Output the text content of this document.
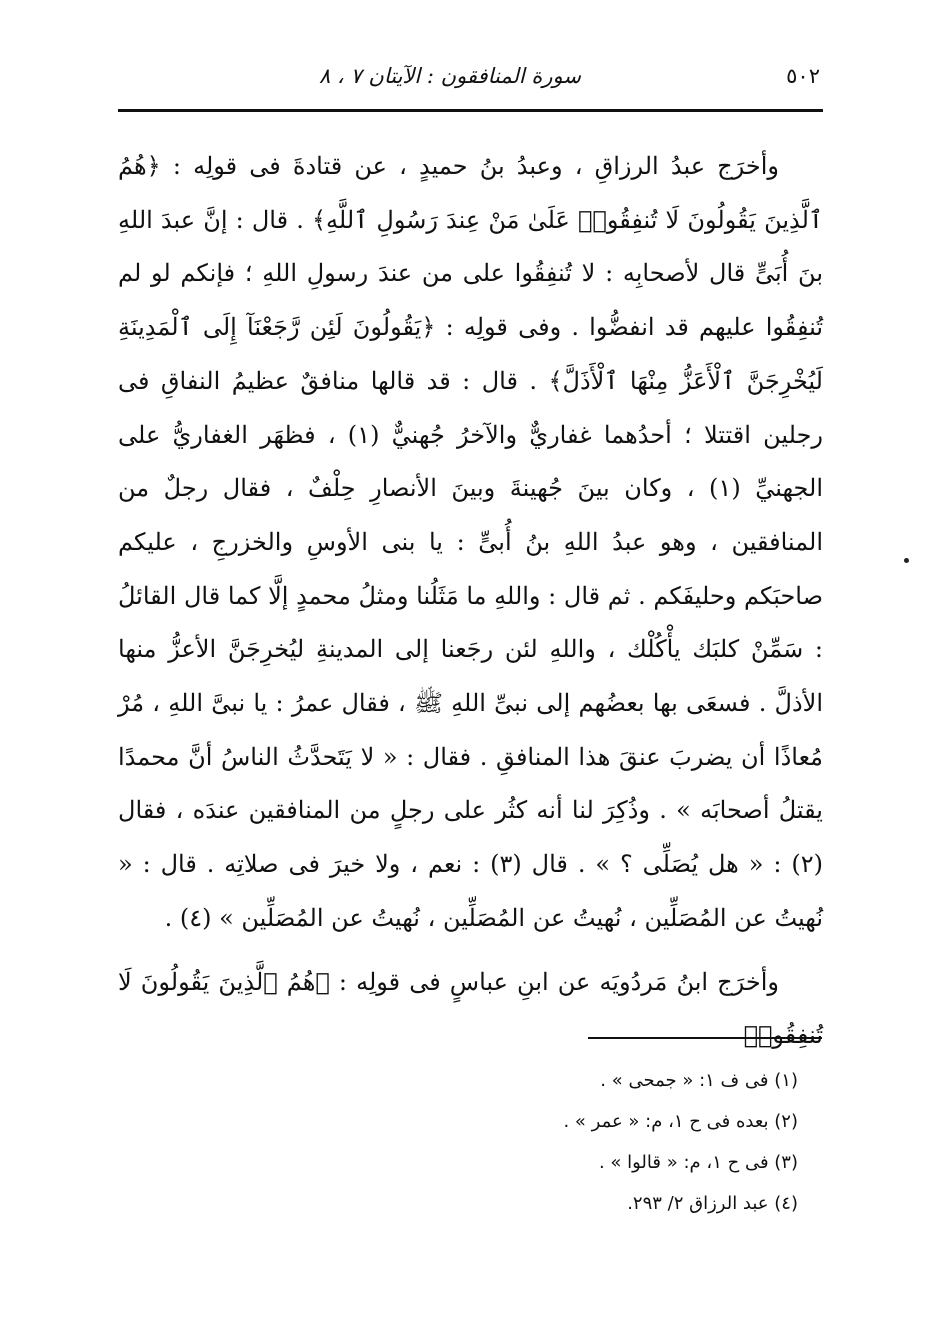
٥٠٢
سورة المنافقون : الآيتان ٧ ، ٨

وأخرَج عبدُ الرزاقِ ، وعبدُ بنُ حميدٍ ، عن قتادةَ فى قولِه : ﴿هُمُ ٱلَّذِينَ يَقُولُونَ لَا تُنفِقُوا۟ عَلَىٰ مَنْ عِندَ رَسُولِ ٱللَّهِ﴾ . قال : إنَّ عبدَ اللهِ بنَ أُبَىٍّ قال لأصحابِه : لا تُنفِقُوا على من عندَ رسولِ اللهِ ؛ فإنكم لو لم تُنفِقُوا عليهم قد انفضُّوا . وفى قولِه : ﴿يَقُولُونَ لَئِن رَّجَعْنَآ إِلَى ٱلْمَدِينَةِ لَيُخْرِجَنَّ ٱلْأَعَزُّ مِنْهَا ٱلْأَذَلَّ﴾ . قال : قد قالها منافقٌ عظيمُ النفاقِ فى رجلين اقتتلا ؛ أحدُهما غفاريٌّ والآخرُ جُهنيٌّ (١) ، فظهَر الغفاريُّ على الجهنيِّ (١) ، وكان بينَ جُهينةَ وبينَ الأنصارِ حِلْفٌ ، فقال رجلٌ من المنافقين ، وهو عبدُ اللهِ بنُ أُبىٍّ : يا بنى الأوسِ والخزرجِ ، عليكم صاحبَكم وحليفَكم . ثم قال : واللهِ ما مَثَلُنا ومثلُ محمدٍ إلَّا كما قال القائلُ : سَمِّنْ كلبَك يأْكُلْك ، واللهِ لئن رجَعنا إلى المدينةِ ليُخرِجَنَّ الأعزُّ منها الأذلَّ . فسعَى بها بعضُهم إلى نبىِّ اللهِ ﷺ ، فقال عمرُ : يا نبىَّ اللهِ ، مُرْ مُعاذًا أن يضربَ عنقَ هذا المنافقِ . فقال : « لا يَتَحدَّثُ الناسُ أنَّ محمدًا يقتلُ أصحابَه » . وذُكِرَ لنا أنه كثُر على رجلٍ من المنافقين عندَه ، فقال (٢) : « هل يُصَلِّى ؟ » . قال (٣) : نعم ، ولا خيرَ فى صلاتِه . قال : « نُهيتُ عن المُصَلِّين ، نُهيتُ عن المُصَلِّين ، نُهيتُ عن المُصَلِّين » (٤) .

وأخرَج ابنُ مَردُويَه عن ابنِ عباسٍ فى قولِه : ﴿هُمُ ٱلَّذِينَ يَقُولُونَ لَا تُنفِقُوا۟

(١) فى ف ١: « جمحى » .
(٢) بعده فى ح ١، م: « عمر » .
(٣) فى ح ١، م: « قالوا » .
(٤) عبد الرزاق ٢/ ٢٩٣.
